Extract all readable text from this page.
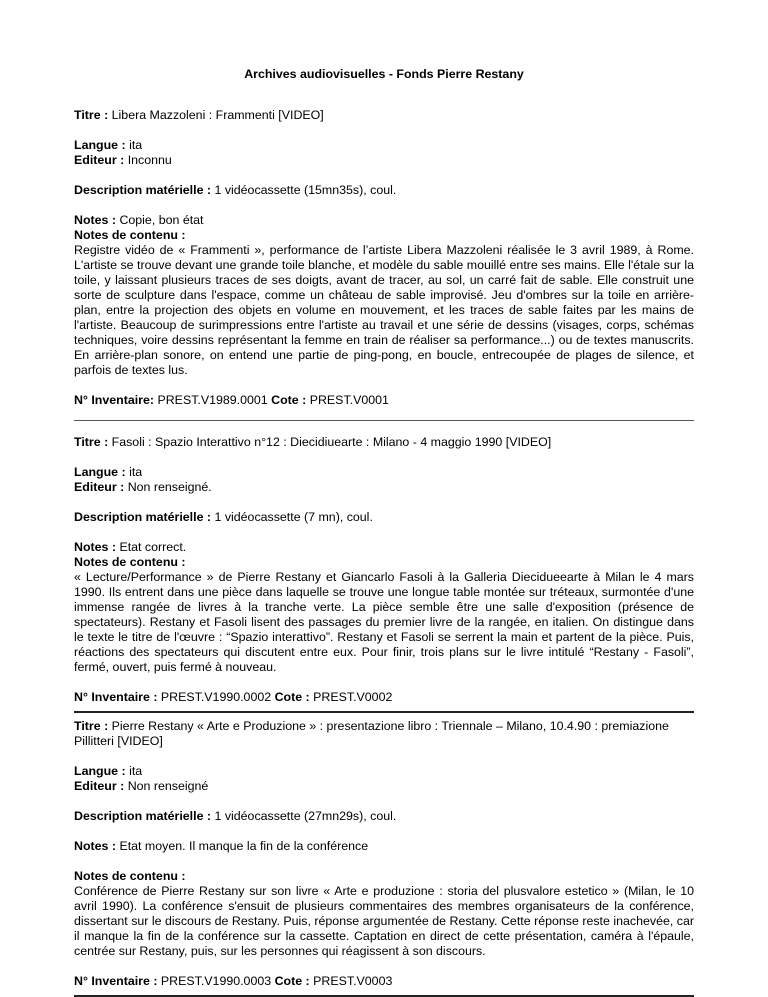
Archives audiovisuelles - Fonds Pierre Restany

Titre : Libera Mazzoleni : Frammenti [VIDEO]

Langue : ita

Editeur : Inconnu

Description matérielle : 1 vidéocassette (15mn35s), coul.

Notes : Copie, bon état

Notes de contenu :

Registre vidéo de « Frammenti », performance de l’artiste Libera Mazzoleni réalisée le 3 avril 1989, à Rome. L'artiste se trouve devant une grande toile blanche, et modèle du sable mouillé entre ses mains. Elle l'étale sur la toile, y laissant plusieurs traces de ses doigts, avant de tracer, au sol, un carré fait de sable. Elle construit une sorte de sculpture dans l'espace, comme un château de sable improvisé. Jeu d'ombres sur la toile en arrière-plan, entre la projection des objets en volume en mouvement, et les traces de sable faites par les mains de l'artiste. Beaucoup de surimpressions entre l'artiste au travail et une série de dessins (visages, corps, schémas techniques, voire dessins représentant la femme en train de réaliser sa performance...) ou de textes manuscrits. En arrière-plan sonore, on entend une partie de ping-pong, en boucle, entrecoupée de plages de silence, et parfois de textes lus.

N° Inventaire: PREST.V1989.0001 Cote : PREST.V0001

Titre : Fasoli : Spazio Interattivo n°12 : Diecidiuearte : Milano - 4 maggio 1990 [VIDEO]

Langue : ita

Editeur : Non renseigné.

Description matérielle : 1 vidéocassette (7 mn), coul.

Notes : Etat correct.

Notes de contenu :

« Lecture/Performance » de Pierre Restany et Giancarlo Fasoli à la Galleria Diecidueearte à Milan le 4 mars 1990. Ils entrent dans une pièce dans laquelle se trouve une longue table montée sur tréteaux, surmontée d'une immense rangée de livres à la tranche verte. La pièce semble être une salle d'exposition (présence de spectateurs). Restany et Fasoli lisent des passages du premier livre de la rangée, en italien. On distingue dans le texte le titre de l'œuvre : “Spazio interattivo”. Restany et Fasoli se serrent la main et partent de la pièce. Puis, réactions des spectateurs qui discutent entre eux. Pour finir, trois plans sur le livre intitulé “Restany - Fasoli”, fermé, ouvert, puis fermé à nouveau.

N° Inventaire : PREST.V1990.0002 Cote : PREST.V0002

Titre : Pierre Restany « Arte e Produzione » : presentazione libro : Triennale – Milano, 10.4.90 : premiazione Pillitteri [VIDEO]

Langue : ita

Editeur : Non renseigné

Description matérielle : 1 vidéocassette (27mn29s), coul.

Notes : Etat moyen. Il manque la fin de la conférence

Notes de contenu :

Conférence de Pierre Restany sur son livre « Arte e produzione : storia del plusvalore estetico » (Milan, le 10 avril 1990). La conférence s'ensuit de plusieurs commentaires des membres organisateurs de la conférence, dissertant sur le discours de Restany. Puis, réponse argumentée de Restany. Cette réponse reste inachevée, car il manque la fin de la conférence sur la cassette. Captation en direct de cette présentation, caméra à l'épaule, centrée sur Restany, puis, sur les personnes qui réagissent à son discours.

N° Inventaire : PREST.V1990.0003 Cote : PREST.V0003
